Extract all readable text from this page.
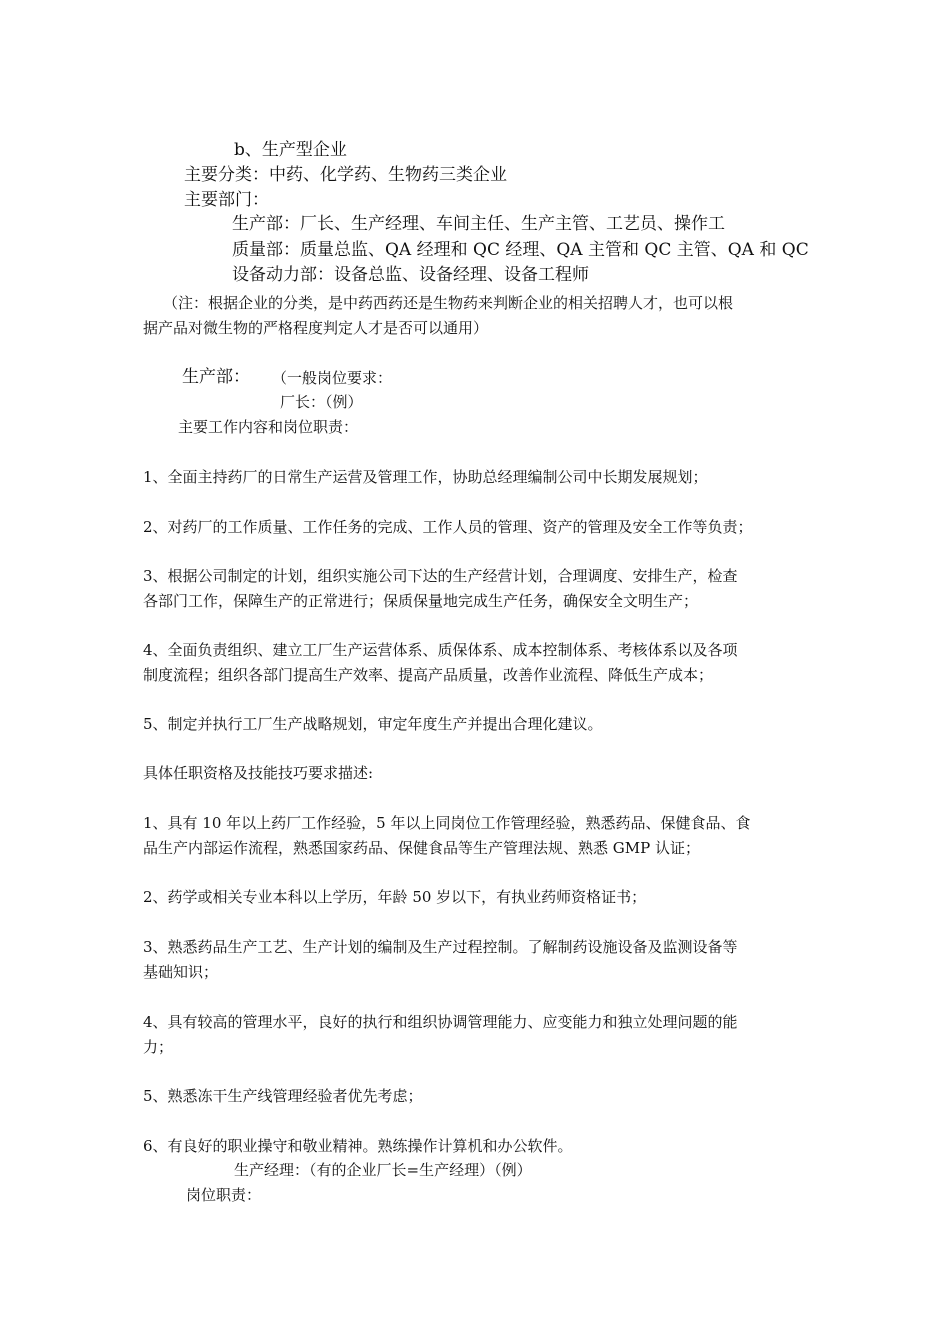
b、生产型企业
主要分类：中药、化学药、生物药三类企业
主要部门：
生产部：厂长、生产经理、车间主任、生产主管、工艺员、操作工
质量部：质量总监、QA 经理和 QC 经理、QA 主管和 QC 主管、QA 和 QC
设备动力部：设备总监、设备经理、设备工程师
（注：根据企业的分类，是中药西药还是生物药来判断企业的相关招聘人才，也可以根
据产品对微生物的严格程度判定人才是否可以通用）
生产部： （一般岗位要求：
厂长：（例）
主要工作内容和岗位职责：
1、全面主持药厂的日常生产运营及管理工作，协助总经理编制公司中长期发展规划；
2、对药厂的工作质量、工作任务的完成、工作人员的管理、资产的管理及安全工作等负责；
3、根据公司制定的计划，组织实施公司下达的生产经营计划，合理调度、安排生产，检查
各部门工作，保障生产的正常进行；保质保量地完成生产任务，确保安全文明生产；
4、全面负责组织、建立工厂生产运营体系、质保体系、成本控制体系、考核体系以及各项
制度流程；组织各部门提高生产效率、提高产品质量，改善作业流程、降低生产成本；
5、制定并执行工厂生产战略规划，审定年度生产并提出合理化建议。
具体任职资格及技能技巧要求描述:
1、具有 10 年以上药厂工作经验，5 年以上同岗位工作管理经验，熟悉药品、保健食品、食
品生产内部运作流程，熟悉国家药品、保健食品等生产管理法规、熟悉 GMP 认证；
2、药学或相关专业本科以上学历，年龄 50 岁以下，有执业药师资格证书；
3、熟悉药品生产工艺、生产计划的编制及生产过程控制。了解制药设施设备及监测设备等
基础知识；
4、具有较高的管理水平，良好的执行和组织协调管理能力、应变能力和独立处理问题的能
力；
5、熟悉冻干生产线管理经验者优先考虑；
6、有良好的职业操守和敬业精神。熟练操作计算机和办公软件。
生产经理：（有的企业厂长=生产经理）（例）
岗位职责：
